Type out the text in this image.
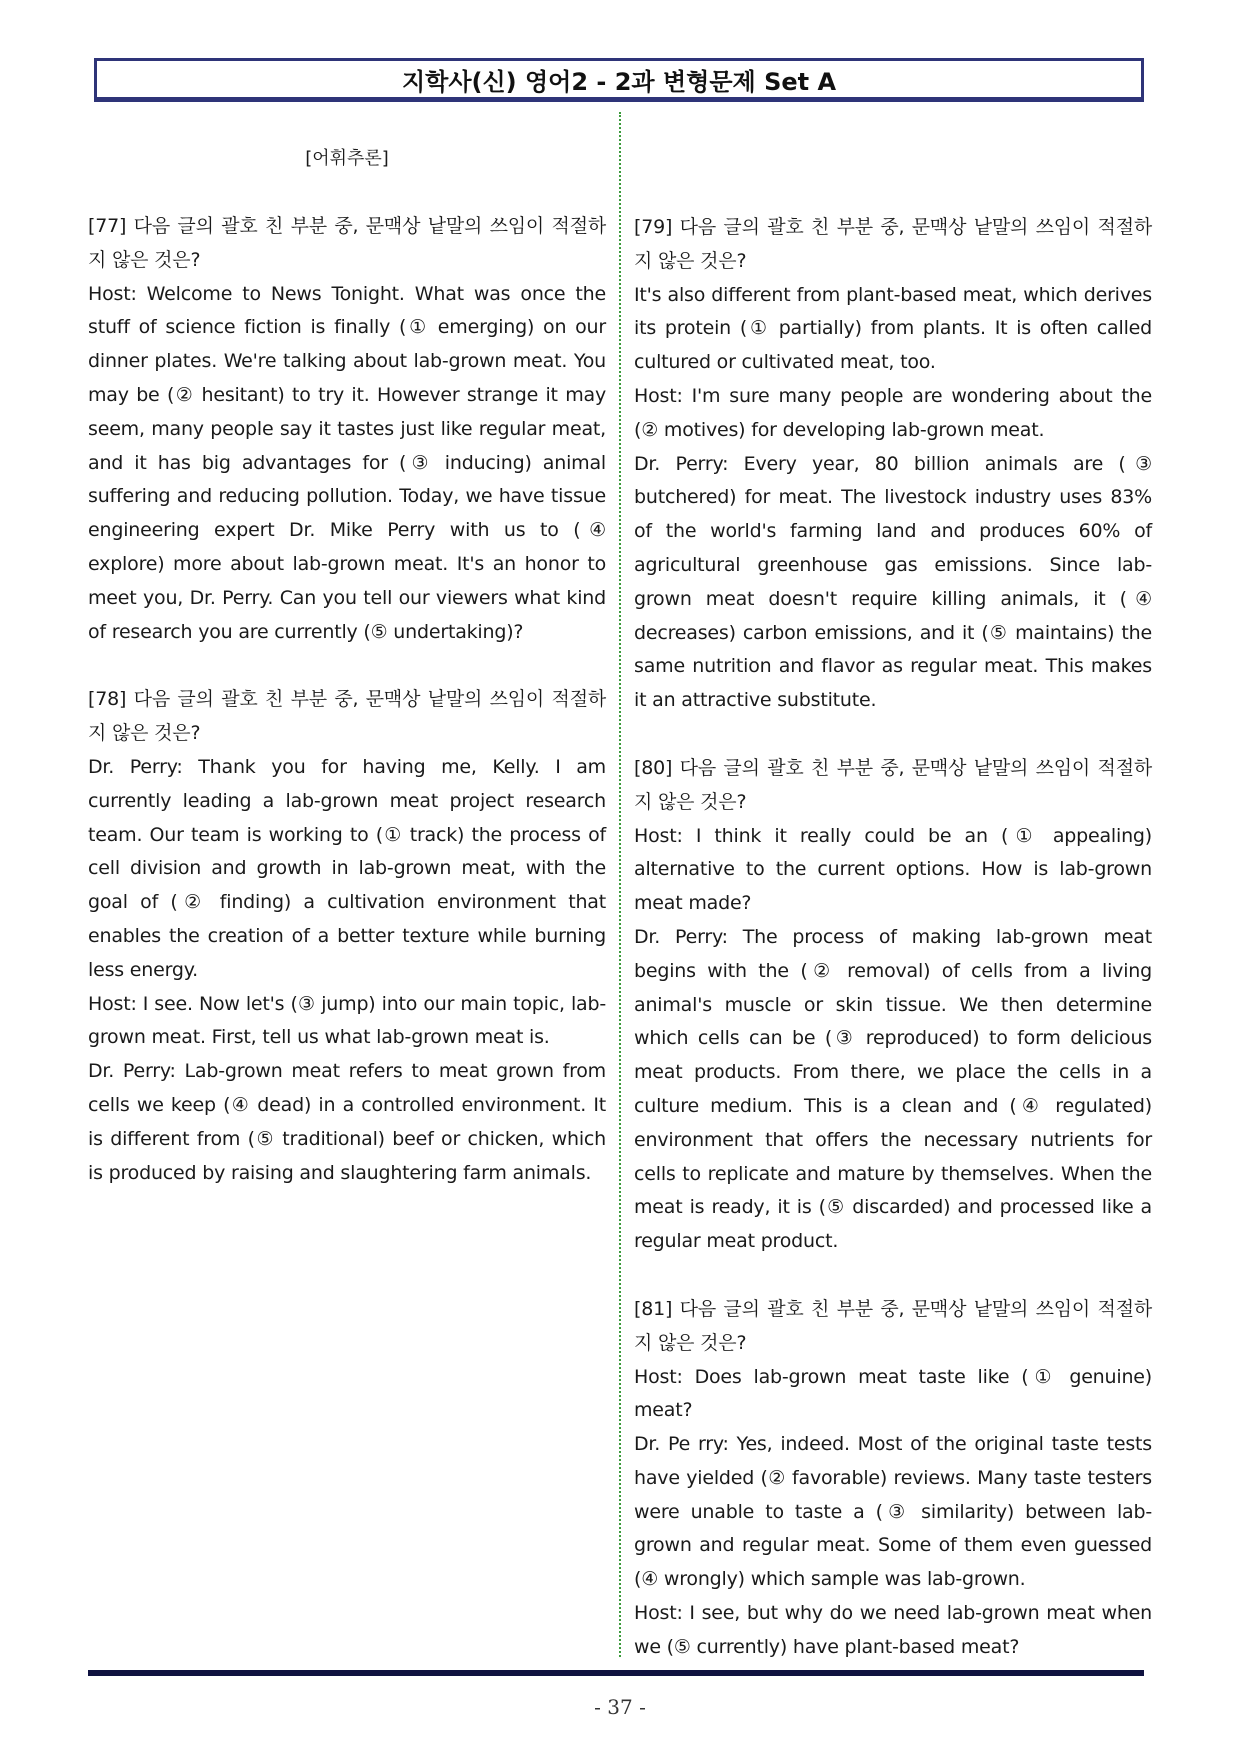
지학사(신) 영어2 - 2과 변형문제 Set A

[어휘추론]

[77] 다음 글의 괄호 친 부분 중, 문맥상 낱말의 쓰임이 적절하지 않은 것은?

Host: Welcome to News Tonight. What was once the stuff of science fiction is finally (① emerging) on our dinner plates. We're talking about lab-grown meat. You may be (② hesitant) to try it. However strange it may seem, many people say it tastes just like regular meat, and it has big advantages for (③ inducing) animal suffering and reducing pollution. Today, we have tissue engineering expert Dr. Mike Perry with us to (④ explore) more about lab-grown meat. It's an honor to meet you, Dr. Perry. Can you tell our viewers what kind of research you are currently (⑤ undertaking)?

[78] 다음 글의 괄호 친 부분 중, 문맥상 낱말의 쓰임이 적절하지 않은 것은?

Dr. Perry: Thank you for having me, Kelly. I am currently leading a lab-grown meat project research team. Our team is working to (① track) the process of cell division and growth in lab-grown meat, with the goal of (② finding) a cultivation environment that enables the creation of a better texture while burning less energy.

Host: I see. Now let's (③ jump) into our main topic, lab-grown meat. First, tell us what lab-grown meat is.

Dr. Perry: Lab-grown meat refers to meat grown from cells we keep (④ dead) in a controlled environment. It is different from (⑤ traditional) beef or chicken, which is produced by raising and slaughtering farm animals.

[79] 다음 글의 괄호 친 부분 중, 문맥상 낱말의 쓰임이 적절하지 않은 것은?

It's also different from plant-based meat, which derives its protein (① partially) from plants. It is often called cultured or cultivated meat, too.

Host: I'm sure many people are wondering about the (② motives) for developing lab-grown meat.

Dr. Perry: Every year, 80 billion animals are (③ butchered) for meat. The livestock industry uses 83% of the world's farming land and produces 60% of agricultural greenhouse gas emissions. Since lab-grown meat doesn't require killing animals, it (④ decreases) carbon emissions, and it (⑤ maintains) the same nutrition and flavor as regular meat. This makes it an attractive substitute.

[80] 다음 글의 괄호 친 부분 중, 문맥상 낱말의 쓰임이 적절하지 않은 것은?

Host: I think it really could be an (① appealing) alternative to the current options. How is lab-grown meat made?

Dr. Perry: The process of making lab-grown meat begins with the (② removal) of cells from a living animal's muscle or skin tissue. We then determine which cells can be (③ reproduced) to form delicious meat products. From there, we place the cells in a culture medium. This is a clean and (④ regulated) environment that offers the necessary nutrients for cells to replicate and mature by themselves. When the meat is ready, it is (⑤ discarded) and processed like a regular meat product.

[81] 다음 글의 괄호 친 부분 중, 문맥상 낱말의 쓰임이 적절하지 않은 것은?

Host: Does lab-grown meat taste like (① genuine) meat?

Dr. Pe rry: Yes, indeed. Most of the original taste tests have yielded (② favorable) reviews. Many taste testers were unable to taste a (③ similarity) between lab-grown and regular meat. Some of them even guessed (④ wrongly) which sample was lab-grown.

Host: I see, but why do we need lab-grown meat when we (⑤ currently) have plant-based meat?

- 37 -
